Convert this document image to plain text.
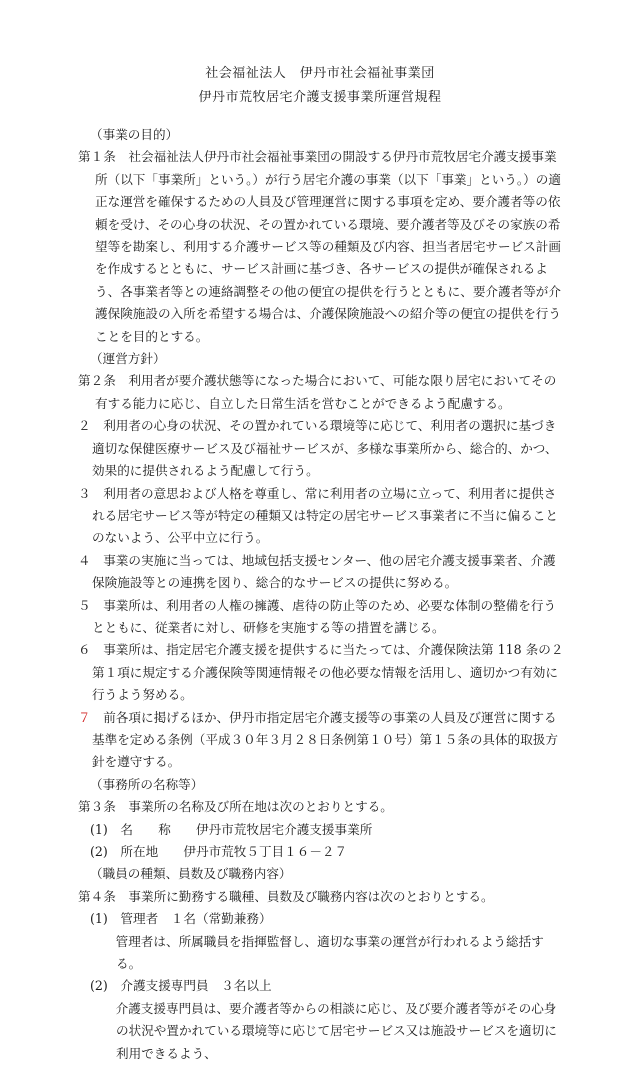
社会福祉法人　伊丹市社会福祉事業団
伊丹市荒牧居宅介護支援事業所運営規程

（事業の目的）

第１条　社会福祉法人伊丹市社会福祉事業団の開設する伊丹市荒牧居宅介護支援事業所（以下「事業所」という。）が行う居宅介護の事業（以下「事業」という。）の適正な運営を確保するための人員及び管理運営に関する事項を定め、要介護者等の依頼を受け、その心身の状況、その置かれている環境、要介護者等及びその家族の希望等を勘案し、利用する介護サービス等の種類及び内容、担当者居宅サービス計画を作成するとともに、サービス計画に基づき、各サービスの提供が確保されるよう、各事業者等との連絡調整その他の便宜の提供を行うとともに、要介護者等が介護保険施設の入所を希望する場合は、介護保険施設への紹介等の便宜の提供を行うことを目的とする。

（運営方針）

第２条　利用者が要介護状態等になった場合において、可能な限り居宅においてその有する能力に応じ、自立した日常生活を営むことができるよう配慮する。

２　利用者の心身の状況、その置かれている環境等に応じて、利用者の選択に基づき適切な保健医療サービス及び福祉サービスが、多様な事業所から、総合的、かつ、効果的に提供されるよう配慮して行う。

３　利用者の意思および人格を尊重し、常に利用者の立場に立って、利用者に提供される居宅サービス等が特定の種類又は特定の居宅サービス事業者に不当に偏ることのないよう、公平中立に行う。

４　事業の実施に当っては、地域包括支援センター、他の居宅介護支援事業者、介護保険施設等との連携を図り、総合的なサービスの提供に努める。

５　事業所は、利用者の人権の擁護、虐待の防止等のため、必要な体制の整備を行うとともに、従業者に対し、研修を実施する等の措置を講じる。

６　事業所は、指定居宅介護支援を提供するに当たっては、介護保険法第 118 条の２第１項に規定する介護保険等関連情報その他必要な情報を活用し、適切かつ有効に行うよう努める。

７　前各項に掲げるほか、伊丹市指定居宅介護支援等の事業の人員及び運営に関する基準を定める条例（平成３０年３月２８日条例第１０号）第１５条の具体的取扱方針を遵守する。

（事務所の名称等）

第３条　事業所の名称及び所在地は次のとおりとする。

(1)　名　　称　　伊丹市荒牧居宅介護支援事業所

(2)　所在地　　伊丹市荒牧５丁目１６－２７

（職員の種類、員数及び職務内容）

第４条　事業所に勤務する職種、員数及び職務内容は次のとおりとする。

(1)　管理者　１名（常勤兼務）

　管理者は、所属職員を指揮監督し、適切な事業の運営が行われるよう総括する。

(2)　介護支援専門員　３名以上

　介護支援専門員は、要介護者等からの相談に応じ、及び要介護者等がその心身の状況や置かれている環境等に応じて居宅サービス又は施設サービスを適切に利用できるよう、
